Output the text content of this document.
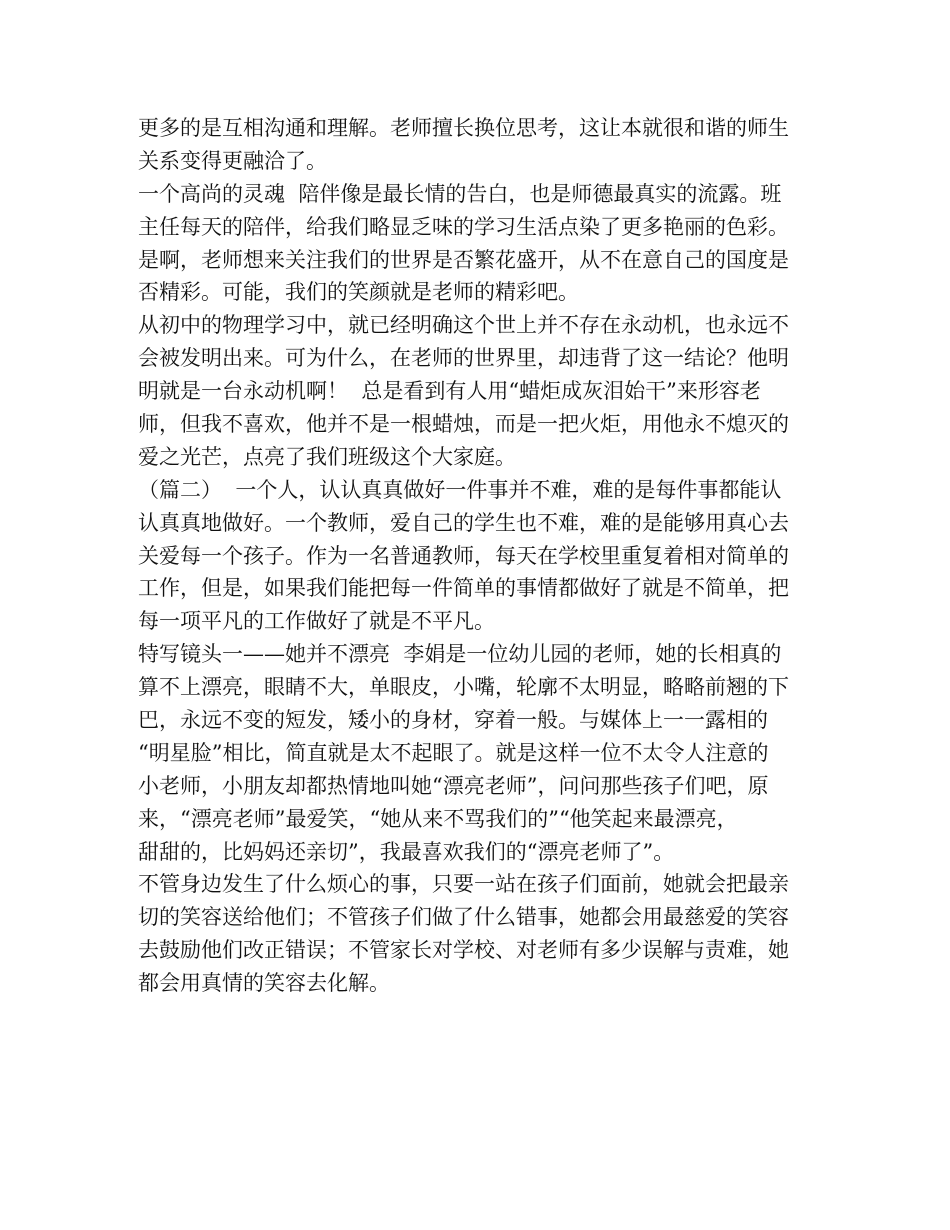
更多的是互相沟通和理解。老师擅长换位思考，这让本就很和谐的师生
关系变得更融洽了。
一个高尚的灵魂  陪伴像是最长情的告白，也是师德最真实的流露。班
主任每天的陪伴，给我们略显乏味的学习生活点染了更多艳丽的色彩。
是啊，老师想来关注我们的世界是否繁花盛开，从不在意自己的国度是
否精彩。可能，我们的笑颜就是老师的精彩吧。
从初中的物理学习中，就已经明确这个世上并不存在永动机，也永远不
会被发明出来。可为什么，在老师的世界里，却违背了这一结论？他明
明就是一台永动机啊！  总是看到有人用“蜡炬成灰泪始干”来形容老
师，但我不喜欢，他并不是一根蜡烛，而是一把火炬，用他永不熄灭的
爱之光芒，点亮了我们班级这个大家庭。
（篇二）  一个人，认认真真做好一件事并不难，难的是每件事都能认
认真真地做好。一个教师，爱自己的学生也不难，难的是能够用真心去
关爱每一个孩子。作为一名普通教师，每天在学校里重复着相对简单的
工作，但是，如果我们能把每一件简单的事情都做好了就是不简单，把
每一项平凡的工作做好了就是不平凡。
特写镜头一——她并不漂亮  李娟是一位幼儿园的老师，她的长相真的
算不上漂亮，眼睛不大，单眼皮，小嘴，轮廓不太明显，略略前翘的下
巴，永远不变的短发，矮小的身材，穿着一般。与媒体上一一露相的
“明星脸”相比，简直就是太不起眼了。就是这样一位不太令人注意的
小老师，小朋友却都热情地叫她“漂亮老师”，问问那些孩子们吧，原
来，“漂亮老师”最爱笑，“她从来不骂我们的”“他笑起来最漂亮，
甜甜的，比妈妈还亲切”，我最喜欢我们的“漂亮老师了”。
不管身边发生了什么烦心的事，只要一站在孩子们面前，她就会把最亲
切的笑容送给他们；不管孩子们做了什么错事，她都会用最慈爱的笑容
去鼓励他们改正错误；不管家长对学校、对老师有多少误解与责难，她
都会用真情的笑容去化解。
